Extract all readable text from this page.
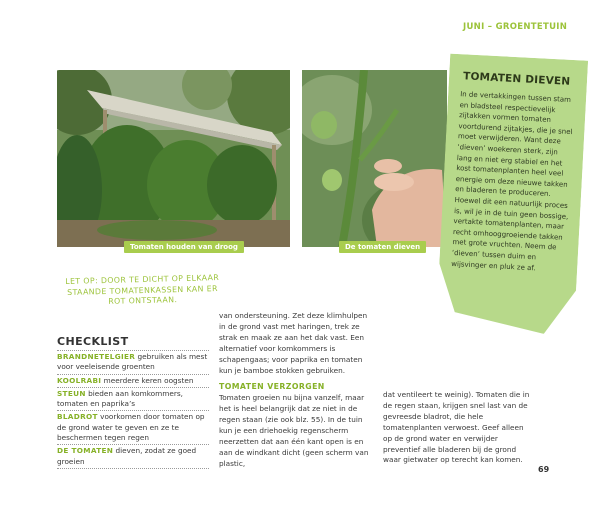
JUNI – GROENTETUIN
Tomaten houden van droog	De tomaten dieven
TOMATEN DIEVEN
In de vertakkingen tussen stam en bladsteel respectievelijk zijtakken vormen tomaten voortdurend zijtakjes, die je snel moet verwijderen. Want deze ‘dieven’ woekeren sterk, zijn lang en niet erg stabiel en het kost tomatenplanten heel veel energie om deze nieuwe takken en bladeren te produceren. Hoewel dit een natuurlijk proces is, wil je in de tuin geen bossige, vertakte tomatenplanten, maar recht omhooggroeiende takken met grote vruchten. Neem de ‘dieven’ tussen duim en wijsvinger en pluk ze af.
LET OP: DOOR TE DICHT OP ELKAAR STAANDE TOMATENKASSEN KAN ER ROT ONTSTAAN.
CHECKLIST
BRANDNETELGIER gebruiken als mest voor veeleisende groenten
KOOLRABI meerdere keren oogsten
STEUN bieden aan komkommers, tomaten en paprika’s
BLADROT voorkomen door tomaten op de grond water te geven en ze te beschermen tegen regen
DE TOMATEN dieven, zodat ze goed groeien

van ondersteuning. Zet deze klimhulpen in de grond vast met haringen, trek ze strak en maak ze aan het dak vast. Een alternatief voor komkommers is schapengaas; voor paprika en tomaten kun je bamboe stokken gebruiken.

TOMATEN VERZORGEN

Tomaten groeien nu bijna vanzelf, maar het is heel belangrijk dat ze niet in de regen staan (zie ook blz. 55). In de tuin kun je een driehoekig regenscherm neerzetten dat aan één kant open is en aan de windkant dicht (geen scherm van plastic,

dat ventileert te weinig). Tomaten die in de regen staan, krijgen snel last van de gevreesde bladrot, die hele tomatenplanten verwoest. Geef alleen op de grond water en verwijder preventief alle bladeren bij de grond waar gietwater op terecht kan komen.

69
